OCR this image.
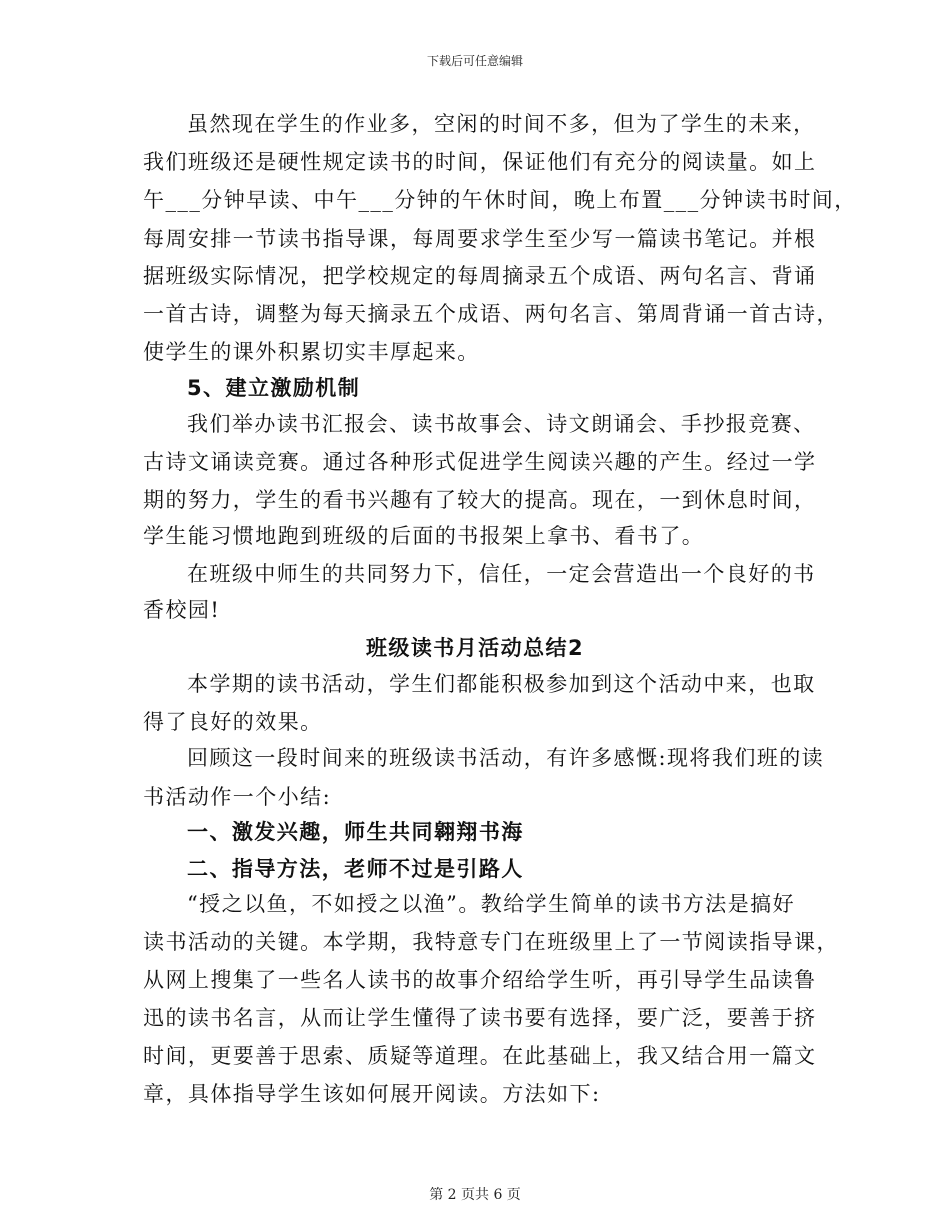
下载后可任意编辑
虽然现在学生的作业多，空闲的时间不多，但为了学生的未来，
我们班级还是硬性规定读书的时间，保证他们有充分的阅读量。如上
午___分钟早读、中午___分钟的午休时间，晚上布置___分钟读书时间，
每周安排一节读书指导课，每周要求学生至少写一篇读书笔记。并根
据班级实际情况，把学校规定的每周摘录五个成语、两句名言、背诵
一首古诗，调整为每天摘录五个成语、两句名言、第周背诵一首古诗，
使学生的课外积累切实丰厚起来。
5、建立激励机制
我们举办读书汇报会、读书故事会、诗文朗诵会、手抄报竞赛、
古诗文诵读竞赛。通过各种形式促进学生阅读兴趣的产生。经过一学
期的努力，学生的看书兴趣有了较大的提高。现在，一到休息时间，
学生能习惯地跑到班级的后面的书报架上拿书、看书了。
在班级中师生的共同努力下，信任，一定会营造出一个良好的书
香校园!
班级读书月活动总结2
本学期的读书活动，学生们都能积极参加到这个活动中来，也取
得了良好的效果。
回顾这一段时间来的班级读书活动，有许多感慨:现将我们班的读
书活动作一个小结:
一、激发兴趣，师生共同翱翔书海
二、指导方法，老师不过是引路人
“授之以鱼，不如授之以渔”。教给学生简单的读书方法是搞好
读书活动的关键。本学期，我特意专门在班级里上了一节阅读指导课，
从网上搜集了一些名人读书的故事介绍给学生听，再引导学生品读鲁
迅的读书名言，从而让学生懂得了读书要有选择，要广泛，要善于挤
时间，更要善于思索、质疑等道理。在此基础上，我又结合用一篇文
章，具体指导学生该如何展开阅读。方法如下:
第 2 页共 6 页
